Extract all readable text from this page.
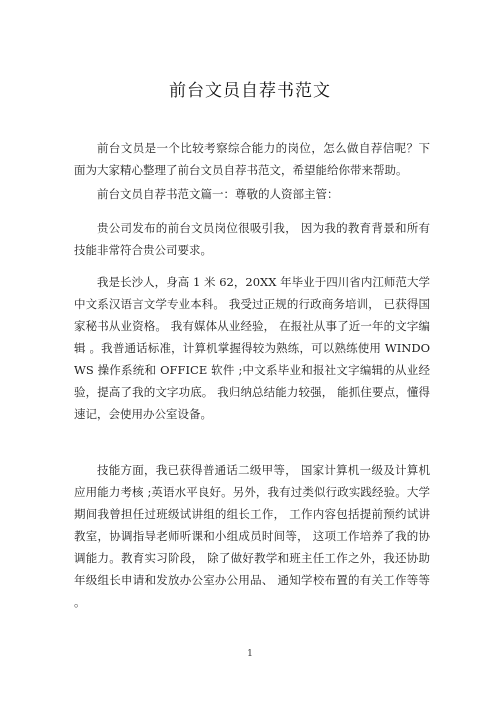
前台文员自荐书范文

前台文员是一个比较考察综合能力的岗位，怎么做自荐信呢？下面为大家精心整理了前台文员自荐书范文，希望能给你带来帮助。

前台文员自荐书范文篇一：尊敬的人资部主管：

贵公司发布的前台文员岗位很吸引我， 因为我的教育背景和所有技能非常符合贵公司要求。

我是长沙人，身高 1 米 62，20XX 年毕业于四川省内江师范大学中文系汉语言文学专业本科。 我受过正规的行政商务培训， 已获得国家秘书从业资格。 我有媒体从业经验， 在报社从事了近一年的文字编辑 。我普通话标准，计算机掌握得较为熟练，可以熟练使用 WINDOWS 操作系统和 OFFICE 软件 ;中文系毕业和报社文字编辑的从业经验，提高了我的文字功底。 我归纳总结能力较强， 能抓住要点，懂得速记，会使用办公室设备。

技能方面，我已获得普通话二级甲等， 国家计算机一级及计算机应用能力考核 ;英语水平良好。另外，我有过类似行政实践经验。大学期间我曾担任过班级试讲组的组长工作， 工作内容包括提前预约试讲教室，协调指导老师听课和小组成员时间等， 这项工作培养了我的协调能力。教育实习阶段， 除了做好教学和班主任工作之外，我还协助年级组长申请和发放办公室办公用品、 通知学校布置的有关工作等等 。

1
